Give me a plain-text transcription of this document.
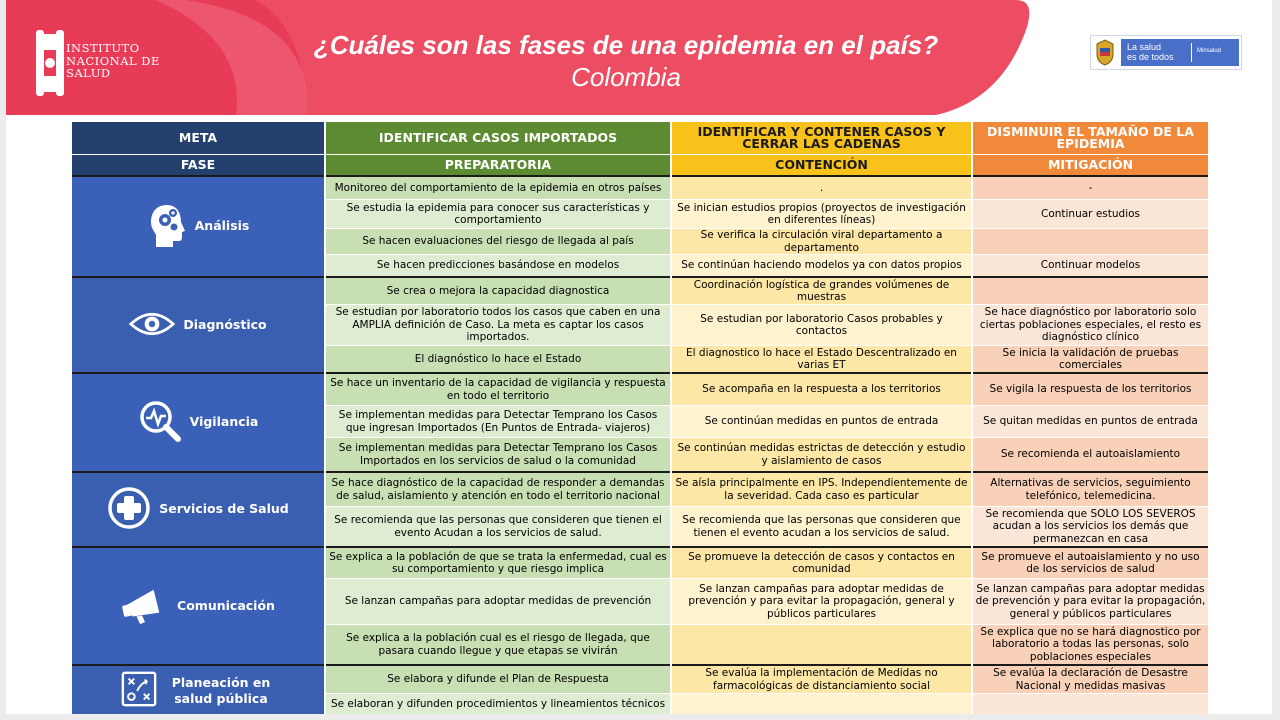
INSTITUTO
NACIONAL DE
SALUD
¿Cuáles son las fases de una epidemia en el país?
Colombia
La salud
es de todos
Minsalud
META	IDENTIFICAR CASOS IMPORTADOS	IDENTIFICAR Y CONTENER CASOS Y CERRAR LAS CADENAS	DISMINUIR EL TAMAÑO DE LA EPIDEMIA
FASE	PREPARATORIA	CONTENCIÓN	MITIGACIÓN

Análisis	Monitoreo del comportamiento de la epidemia en otros países	.	-
	Se estudia la epidemia para conocer sus características y comportamiento	Se inician estudios propios (proyectos de investigación en diferentes líneas)	Continuar estudios
	Se hacen evaluaciones del riesgo de llegada al país	Se verifica la circulación viral departamento a departamento	
	Se hacen predicciones basándose en modelos	Se continúan haciendo modelos ya con datos propios	Continuar modelos

Diagnóstico	Se crea o mejora la capacidad diagnostica	Coordinación logística de grandes volúmenes de muestras	
	Se estudian por laboratorio todos los casos que caben en una AMPLIA definición de Caso. La meta es captar los casos importados.	Se estudian por laboratorio Casos probables y contactos	Se hace diagnóstico por laboratorio solo ciertas poblaciones especiales, el resto es diagnóstico clínico
	El diagnóstico lo hace el Estado	El diagnostico lo hace el Estado Descentralizado en varias ET	Se inicia la validación de pruebas comerciales

Vigilancia	Se hace un inventario de la capacidad de vigilancia y respuesta en todo el territorio	Se acompaña en la respuesta a los territorios	Se vigila la respuesta de los territorios
	Se implementan medidas para Detectar Temprano los Casos que ingresan Importados (En Puntos de Entrada- viajeros)	Se continúan medidas en puntos de entrada	Se quitan medidas en puntos de entrada
	Se implementan medidas para Detectar Temprano los Casos Importados en los servicios de salud o la comunidad	Se continúan medidas estrictas de detección y estudio y aislamiento de casos	Se recomienda el autoaislamiento

Servicios de Salud	Se hace diagnóstico de la capacidad de responder a demandas de salud, aislamiento y atención en todo el territorio nacional	Se aísla principalmente en IPS. Independientemente de la severidad. Cada caso es particular	Alternativas de servicios, seguimiento telefónico, telemedicina.
	Se recomienda que las personas que consideren que tienen el evento Acudan a los servicios de salud.	Se recomienda que las personas que consideren que tienen el evento acudan a los servicios de salud.	Se recomienda que SOLO LOS SEVEROS acudan a los servicios los demás que permanezcan en casa

Comunicación	Se explica a la población de que se trata la enfermedad, cual es su comportamiento y que riesgo implica	Se promueve la detección de casos y contactos en comunidad	Se promueve el autoaislamiento y no uso de los servicios de salud
	Se lanzan campañas para adoptar medidas de prevención	Se lanzan campañas para adoptar medidas de prevención y para evitar la propagación, general y públicos particulares	Se lanzan campañas para adoptar medidas de prevención y para evitar la propagación, general y públicos particulares
	Se explica a la población cual es el riesgo de llegada, que pasara cuando llegue y que etapas se vivirán		Se explica que no se hará diagnostico por laboratorio a todas las personas, solo poblaciones especiales

Planeación en salud pública	Se elabora y difunde el Plan de Respuesta	Se evalúa la implementación de Medidas no farmacológicas de distanciamiento social	Se evalúa la declaración de Desastre Nacional y medidas masivas
	Se elaboran y difunden procedimientos y lineamientos técnicos		
